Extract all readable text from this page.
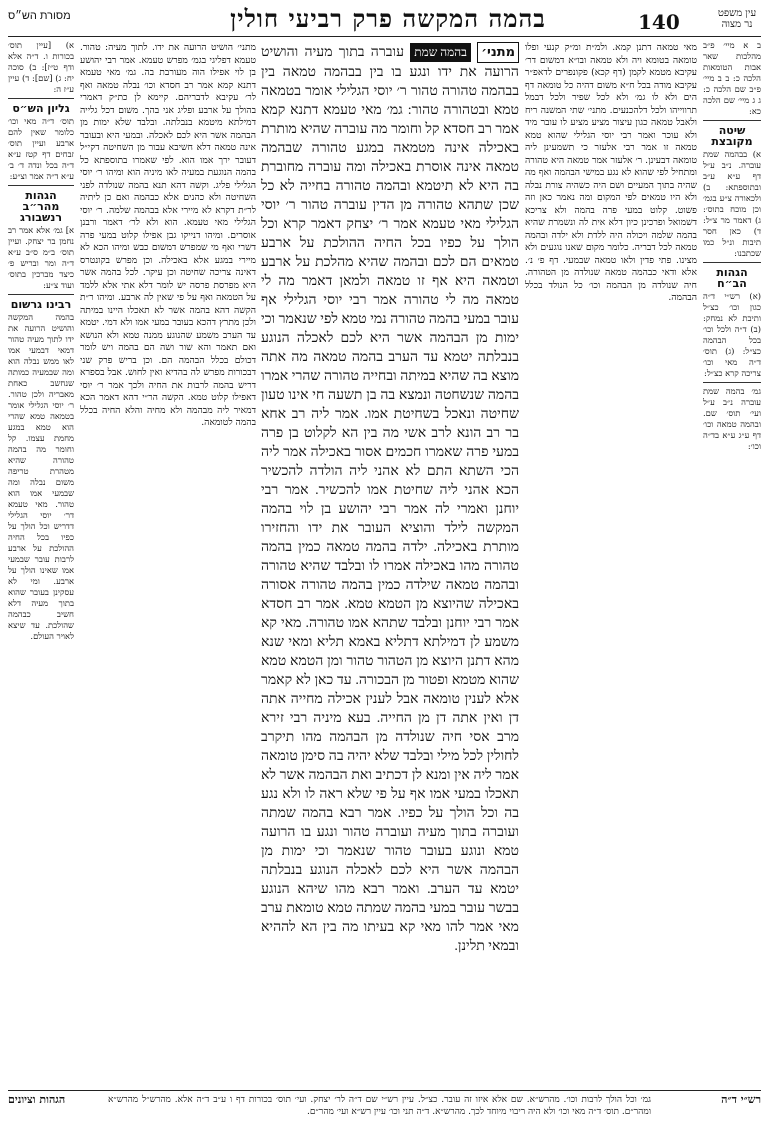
מסורת הש״ס	בהמה המקשה פרק רביעי חולין	140	עין משפט נר מצוה
ב א מיי׳ פ״ב מהלכות שאר אבות הטומאות הלכה כ: ב ב מיי׳ פ״ב שם הלכה כ: ג ג מיי׳ שם הלכה כא:
שיטה מקובצת
א) בבהמה שמת עוברה. נ״ב ע״ל דף ע״א ע״ב ובתוספתא: ב) ולכאורה צ״ע בגמ׳ וכן מוכח בתוס׳: ג) דאמר מר צ״ל: ד) כאן חסר תיבות ונ״ל כמו שכתבנו:
הגהות הב״ח
(א) רש״י ד״ה כגון וכו׳ כצ״ל ותיבת לא נמחק: (ב) ד״ה ולכל וכו׳ בכל הבהמה כצ״ל: (ג) תוס׳ ד״ה מאי וכו׳ צריכה קרא כצ״ל:
גמ׳ בהמה שמת עוברה נ״ב ע״ל ועי׳ תוס׳ שם. ובהמה טמאה וכו׳ דף ע״ג ע״א בד״ה וכו׳:
מאי טמאה דתנן קמא. ולמ״ת ומ״ק קנעי ופלו טומאה בטומא ויה ולא טמאה ובו״א דמשום דר׳ עקיבא מטמא לקמן (דף קכא) פקונפרים לדאפ״ר עקיבא מודה בכל ח״א משום דהיה כל טומאה דף הים ולא לו גמ׳ ולא לכל שפיר ולכל דבמל תרווייהו ולכל דלהכנעים. מתני׳ שתי המשנה ריח ולאבל טמאה כגון עיצור מציע מציע לו עובר מיד ולא עוכר ואמר רבי יוסי הגלילי שהוא טמא טמאה זו אמר רבי אלעזר כי תשמעינן ליה טומאה דבעינן. ר׳ אלעזר אמר טמאה היא טהורה ומתחיל לפי שהוא לא נגע במישי הבהמה ואף מה שהיה בתוך המעיים ושם היה כשהיה צורת נבלה ולא היו טמאים לפי המקום ומה נאמר כאן וזה פשוט. קלוט במעי פרה בהמה ולא צריכא דשמואל ופרכינן כיון דלא אית לה ונשמרת שהיא בהמה שלמה ויכולה היה ללדת ולא ילדה ובהמה טמאה לכל דבריה. כלומר מקום שאנו נוגעים ולא מצינו. פתי פדין ולאו טמאה שבמעי. דף פ׳ נ׳. אלא ודאי כבהמה טמאה שנולדה מן הטהורה. חיה שנולדה מן הבהמה וכו׳ כל הנולד בכלל הבהמה.
מתני׳ בהמה שמת עוברה בתוך מעיה והושיט הרועה את ידו ונגע בו בין בבהמה טמאה בין בבהמה טהורה טהור ר׳ יוסי הגלילי אומר בטמאה טמא ובטהורה טהור: גמ׳ מאי טעמא דתנא קמא אמר רב חסדא קל וחומר מה עוברה שהיא מותרת באכילה אינה מטמאה במגע טהורה שבהמה טמאה אינה אוסרת באכילה ומה עוברה מחוברת בה היא לא תיטמא ובהמה טהורה בחייה לא כל שכן שתהא טהורה מן הדין עוברה טהור ר׳ יוסי הגלילי מאי טעמא אמר ר׳ יצחק דאמר קרא וכל הולך על כפיו בכל החיה ההולכת על ארבע טמאים הם לכם ובהמה שהיא מהלכת על ארבע וטמאה היא אף זו טמאה ולמאן דאמר מה לי טמאה מה לי טהורה אמר רבי יוסי הגלילי אף עובר במעי בהמה טהורה נמי טמא לפי שנאמר וכי ימות מן הבהמה אשר היא לכם לאכלה הנוגע בנבלתה יטמא עד הערב בהמה טמאה מה אתה מוצא בה שהיא במיתה ובחייה טהורה שהרי אמרו בהמה שנשחטה ונמצא בה בן תשעה חי אינו טעון שחיטה ונאכל בשחיטת אמו. אמר ליה רב אחא בר רב הונא לרב אשי מה בין הא לקלוט בן פרה במעי פרה שאמרו חכמים אסור באכילה אמר ליה הכי השתא התם לא אהני ליה הולדה להכשיר הכא אהני ליה שחיטת אמו להכשיר. אמר רבי יוחנן ואמרי לה אמר רבי יהושע בן לוי בהמה המקשה לילד והוציא העובר את ידו והחזירו מותרת באכילה. ילדה בהמה טמאה כמין בהמה טהורה מהו באכילה אמרו לו ובלבד שהיא טהורה ובהמה טמאה שילדה כמין בהמה טהורה אסורה באכילה שהיוצא מן הטמא טמא. אמר רב חסדא אמר רבי יוחנן ובלבד שתהא אמו טהורה. מאי קא משמע לן דמילתא דתליא באמא תליא ומאי שנא מהא דתנן היוצא מן הטהור טהור ומן הטמא טמא שהוא מטמא ופטור מן הבכורה. עד כאן לא קאמר אלא לענין טומאה אבל לענין אכילה מחייה אתה דן ואין אתה דן מן החייה. בעא מיניה רבי זירא מרב אסי חיה שנולדה מן הבהמה מהו תיקרב לחולין לכל מילי ובלבד שלא יהיה בה סימן טומאה אמר ליה אין ומנא לן דכתיב ואת הבהמה אשר לא תאכלו במעי אמו אף על פי שלא ראה לו ולא נגע בה וכל הולך על כפיו. אמר רבא בהמה שמתה ועוברה בתוך מעיה ועוברה טהור ונגע בו הרועה טמא ונוגע בעובר טהור שנאמר וכי ימות מן הבהמה אשר היא לכם לאכלה הנוגע בנבלתה יטמא עד הערב. ואמר רבא מהו שיהא הנוגע בבשר עובר במעי בהמה שמתה טמא טומאת ערב מאי אמר להו מאי קא בעיתו מה בין הא לההיא ובמאי תלינן.
מתני׳ הושיט הרועה את ידו. לתוך מעיה: טהור. טעמא דפליגי בגמ׳ מפרש טעמא. אמר רבי יהושע בן לוי אפילו הוה מעורבת בה. גמ׳ מאי טעמא דתנא קמא אמר רב חסדא וכו׳ נבלה טמאה ואף לר׳ עקיבא לדבריהם. קיימא לן כת״ק דאמרי בהולך על ארבע ופליג אני בהך. משום דכל גלייה דמילתא מיטמא בנבלתה. ובלבד שלא ימות מן הבהמה אשר היא לכם לאכלה. ובמעי היא ובעובר אינה טמאה דלא חשיבא עבור מן השחיטה דקי״ל דעובר ירך אמו הוא. לפי שאמרו בתוספתא כל בהמה הנוגעת במעיה לאו מיניה הוא ומיהו ר׳ יוסי הגלילי פליג. וקשה דהא תנא בהמה שנולדה לפני השחיטה ולא כהנים אלא כבהמה ואם כן ליתיה לר״ת דקרא לא מיירי אלא בבהמה שלמה. ר׳ יוסי הגלילי מאי טעמא. הוא ולא לר׳ דאמר ורבנן אוסרים. ומיהו דנייקו גבן אפילו קלוט במעי פרה דשרי ואף מי שמפרש דמשום כבש ומיהו הכא לא מיירי במגע אלא באכילה. וכן מפרש בקונטרס דאינה צריכה שחיטה וכן עיקר. לכל בהמה אשר היא מפרסת פרסה יש לומר דלא אתי אלא ללמד על הטמאה ואף על פי שאין לה ארבע. ומיהו ר״ת הקשה דהא בהמה אשר לא תאכלו היינו במיתה ולכן מתרץ דהכא בעובר במעי אמו ולא דמי. יטמא עד הערב משמע שהנוגע ממנה טמא ולא הנושא ואם תאמר והא שור ושה הם בהמה ויש לומר דכולם בכלל הבהמה הם. וכן בריש פרק שני דבכורות מפרש לה בהדיא ואין לחוש. אבל בספרא דריש בהמה לרבות את החיה ולכך אמר ר׳ יוסי דאפילו קלוט טמא. הקשה הר״י דהא דאמר הכא דמאיר ליה מבהמה ולא מחיה והלא החיה בכלל בהמה לטומאה.
א) [עיין תוס׳ בכורות ו. ד״ה אלא ודף ט״ז]: ב) סוכה יח: ג) [שם]: ד) עיין ע״ז ה:
גליון הש״ס
תוס׳ ד״ה מאי וכו׳ כלומר שאין להם ארבע ועיין תוס׳ זבחים דף קטז ע״א ד״ה בכל ונדה ד׳ ב׳ ע״א ד״ה אמר וצ״ע:
הגהות מהר״ב רנשבורג
א] גמ׳ אלא אמר רב נחמן בר יצחק. ועיין תוס׳ ב״מ ס״ב ע״א ד״ה ומר ובריש פ׳ כיצד מברכין בתוס׳ ועוד צ״ע:
רבינו גרשום
בהמה המקשה והושיט הרועה את ידו לתוך מעיה טהור דמאי דבמעי אמו לאו ממש נבלה הוא ומה שבמעיה כמותה שנחשב כאחת מאבריה ולכן טהור. ר׳ יוסי הגלילי אומר בטמאה טמא שהרי הוא טמא במגע מחמת עצמו. קל וחומר מה בהמה טהורה שהיא מטהרת טריפה משום נבלה ומה שבמעי אמו הוא טהור. מאי טעמא דר׳ יוסי הגלילי דדריש וכל הולך על כפיו בכל החיה ההולכת על ארבע לרבות עובר שבמעי אמו שאינו הולך על ארבע. ומי לא עסקינן בעובר שהוא בתוך מעיה דלא חשיב כבהמה שהולכת. עד שיצא לאויר העולם.
רש״י ד״ה
גמ׳ וכל הולך לרבות וכו׳. מהרש״א. שם אלא איזו זה עובר. כצ״ל. עיין רש״י שם ד״ה לר׳ יצחק. ועי׳ תוס׳ בכורות דף ו ע״ב ד״ה אלא. מהרש״ל מהרש״א ומהר״ם. תוס׳ ד״ה מאי וכו׳ ולא היה ריבוי מיוחד לכך. מהרש״א. ד״ה תני וכו׳ עיין רש״א ועי׳ מהר״ם.
הגהות וציונים
